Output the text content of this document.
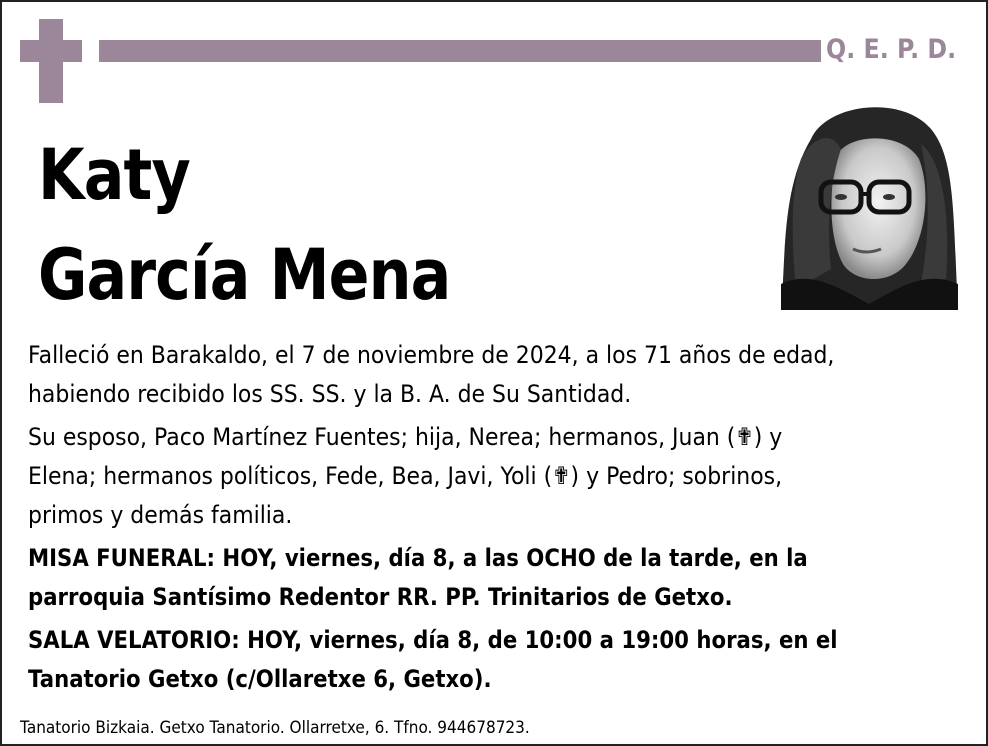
Q. E. P. D.
Katy
García Mena
Falleció en Barakaldo, el 7 de noviembre de 2024, a los 71 años de edad,
habiendo recibido los SS. SS. y la B. A. de Su Santidad.
Su esposo, Paco Martínez Fuentes; hija, Nerea; hermanos, Juan (✟) y
Elena; hermanos políticos, Fede, Bea, Javi, Yoli (✟) y Pedro; sobrinos,
primos y demás familia.
MISA FUNERAL: HOY, viernes, día 8, a las OCHO de la tarde, en la
parroquia Santísimo Redentor RR. PP. Trinitarios de Getxo.
SALA VELATORIO: HOY, viernes, día 8, de 10:00 a 19:00 horas, en el
Tanatorio Getxo (c/Ollaretxe 6, Getxo).
Tanatorio Bizkaia. Getxo Tanatorio. Ollarretxe, 6. Tfno. 944678723.
